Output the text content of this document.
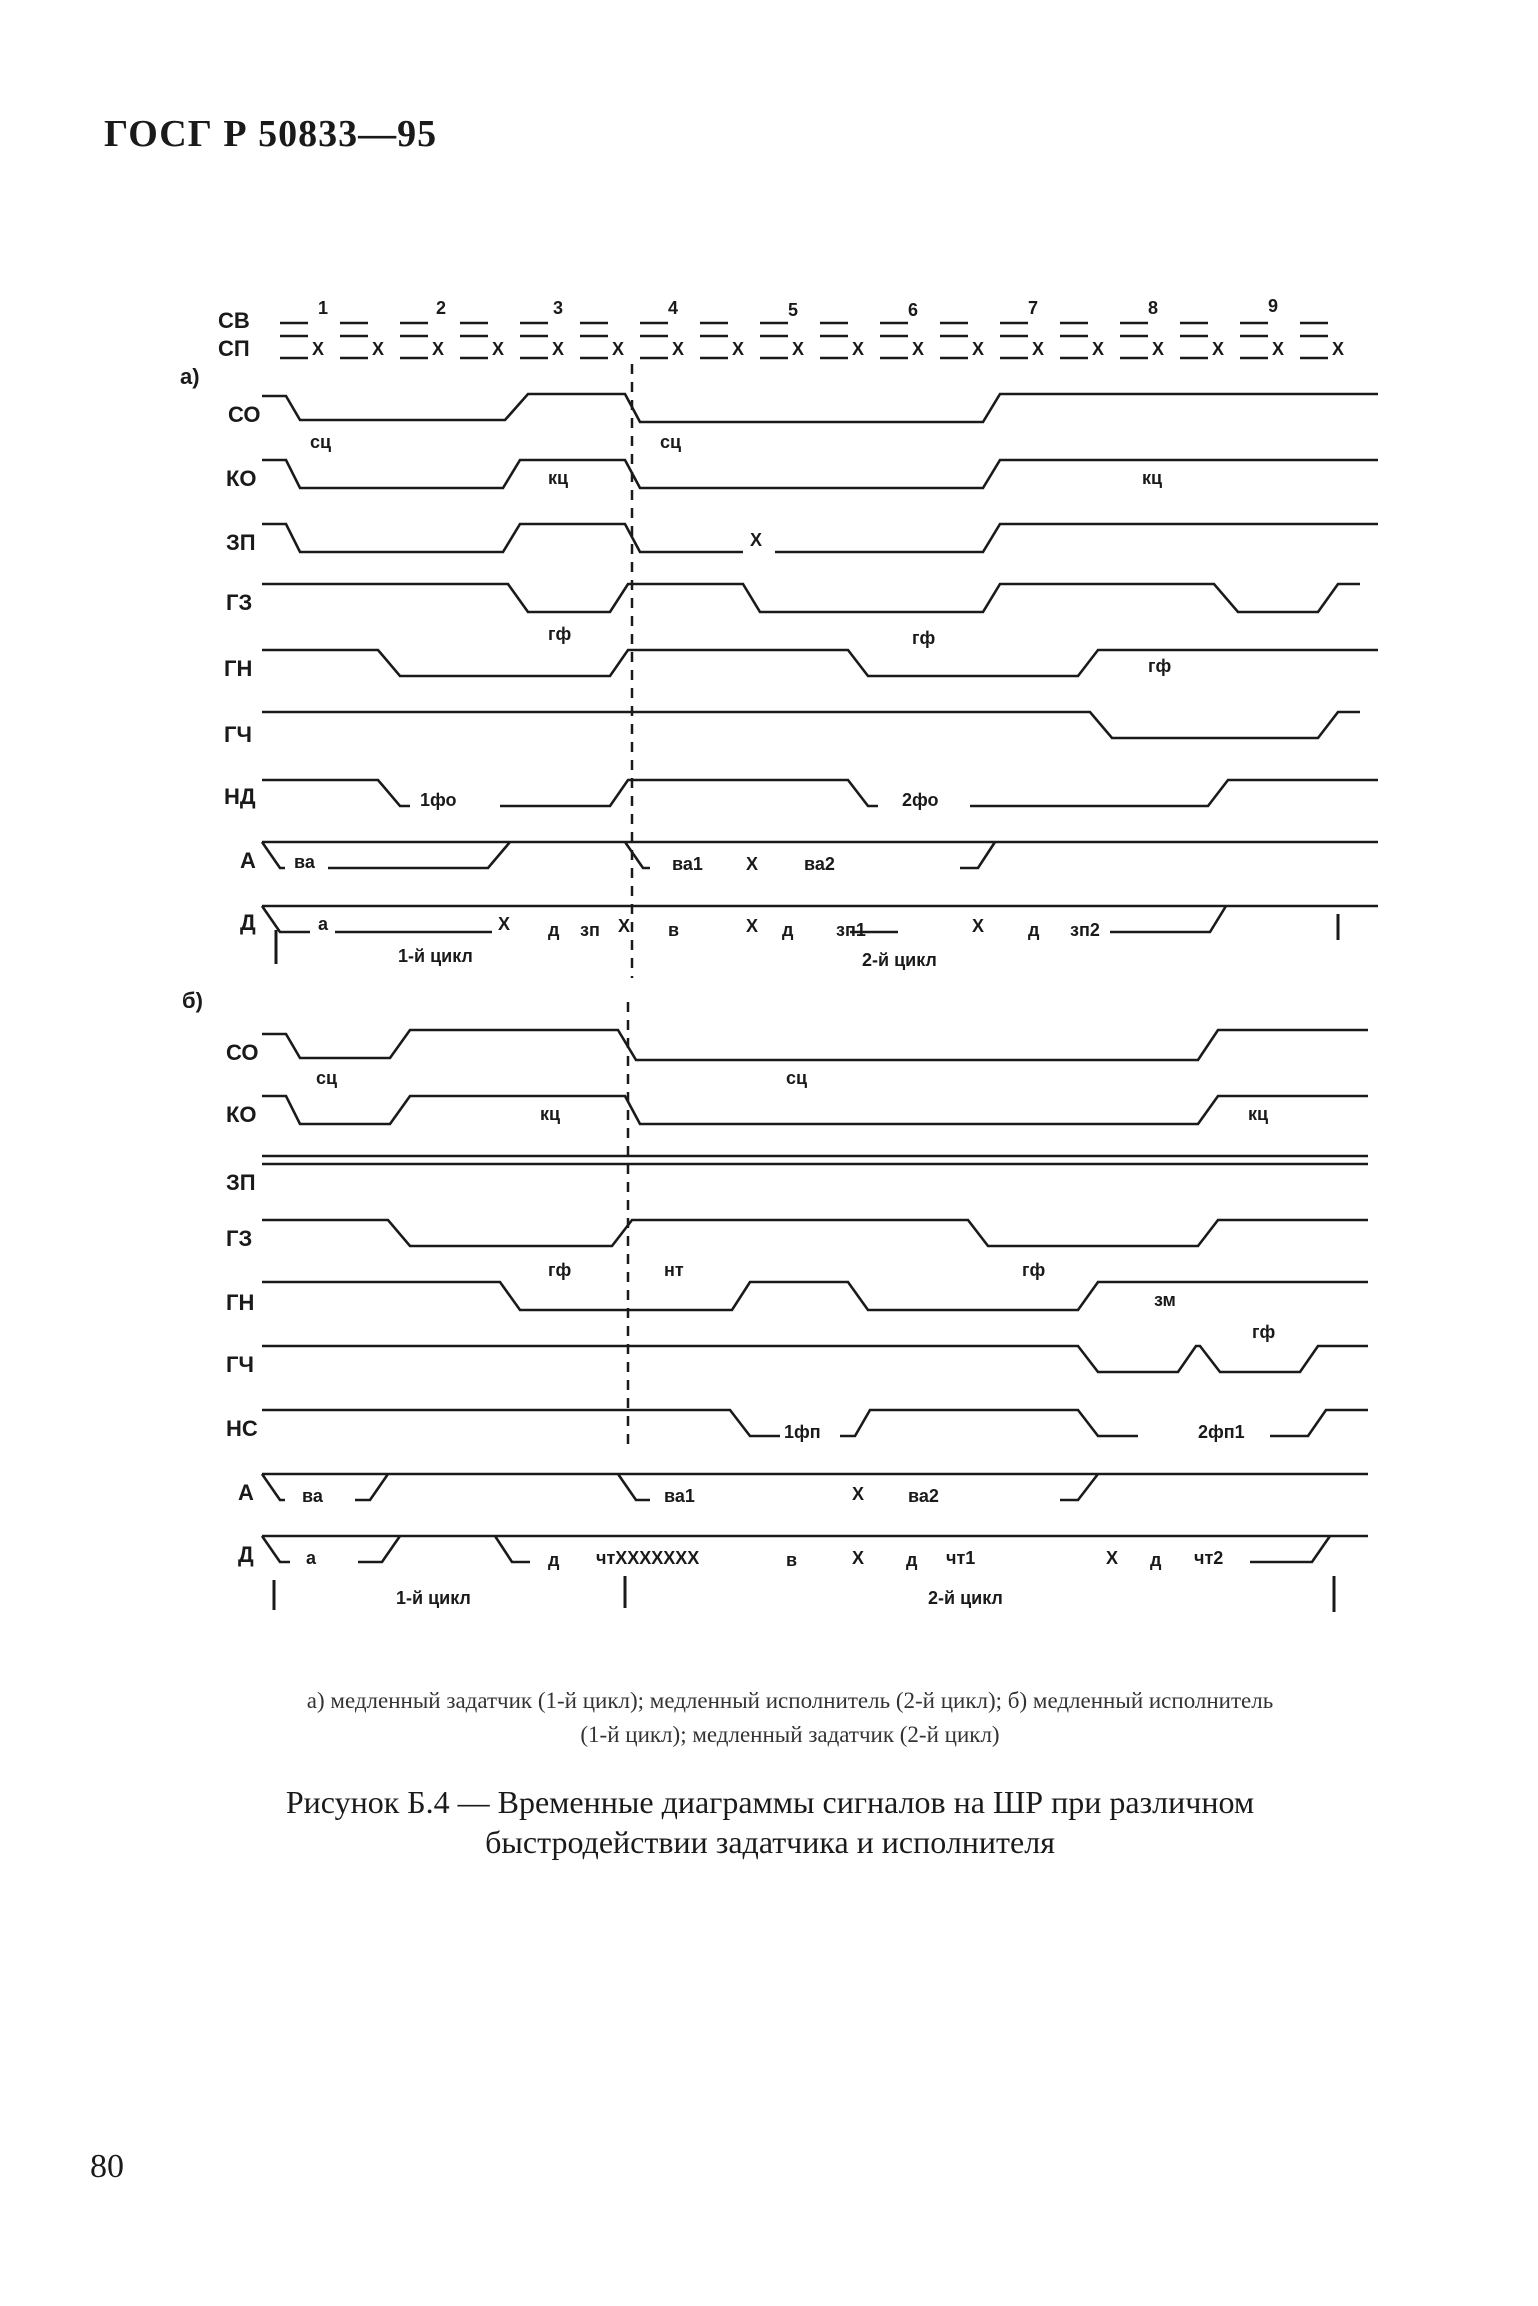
ГОСГ Р 50833—95
а)
б)
СВ
СП
1	2	3	4	5	6	7	8	9
X	X	X	X	X	X	X	X	X	X	X	X	X	X	X	X	X	X
СО
КО
ЗП
ГЗ
ГН
ГЧ
НД
А
Д
сц	сц
кц	кц
X
гф	гф
гф
1фо	2фо
ва	ва1 X	ва2
а	X д зп X в	X д зп1	X д зп2
1-й цикл	2-й цикл
СО
КО
ЗП
ГЗ
ГН
ГЧ
НС
А
Д
сц	сц
кц	кц
гф	нт	гф
зм
гф
1фп	2фп1
ва	ва1	X ва2
а	д чтXXXXXXX	в	X д чт1	X д чт2
1-й цикл	2-й цикл
а) медленный задатчик (1-й цикл); медленный исполнитель (2-й цикл); б) медленный исполнитель
(1-й цикл); медленный задатчик (2-й цикл)
Рисунок Б.4 — Временные диаграммы сигналов на ШР при различном
быстродействии задатчика и исполнителя
80
